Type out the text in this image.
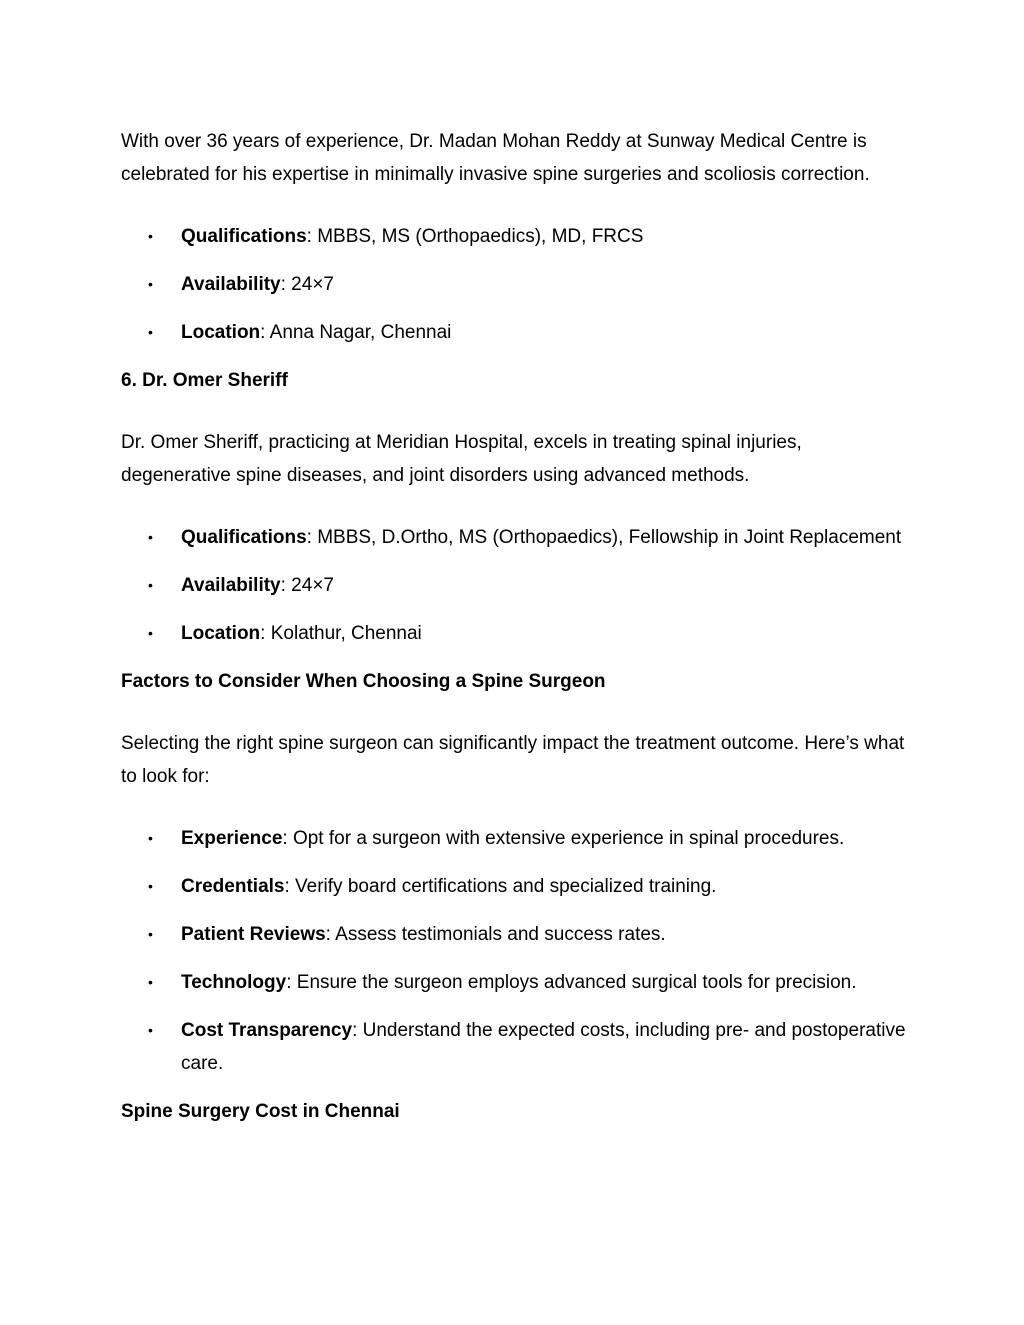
With over 36 years of experience, Dr. Madan Mohan Reddy at Sunway Medical Centre is celebrated for his expertise in minimally invasive spine surgeries and scoliosis correction.

• Qualifications: MBBS, MS (Orthopaedics), MD, FRCS
• Availability: 24×7
• Location: Anna Nagar, Chennai

6. Dr. Omer Sheriff

Dr. Omer Sheriff, practicing at Meridian Hospital, excels in treating spinal injuries, degenerative spine diseases, and joint disorders using advanced methods.

• Qualifications: MBBS, D.Ortho, MS (Orthopaedics), Fellowship in Joint Replacement
• Availability: 24×7
• Location: Kolathur, Chennai

Factors to Consider When Choosing a Spine Surgeon

Selecting the right spine surgeon can significantly impact the treatment outcome. Here’s what to look for:

• Experience: Opt for a surgeon with extensive experience in spinal procedures.
• Credentials: Verify board certifications and specialized training.
• Patient Reviews: Assess testimonials and success rates.
• Technology: Ensure the surgeon employs advanced surgical tools for precision.
• Cost Transparency: Understand the expected costs, including pre- and postoperative care.

Spine Surgery Cost in Chennai
